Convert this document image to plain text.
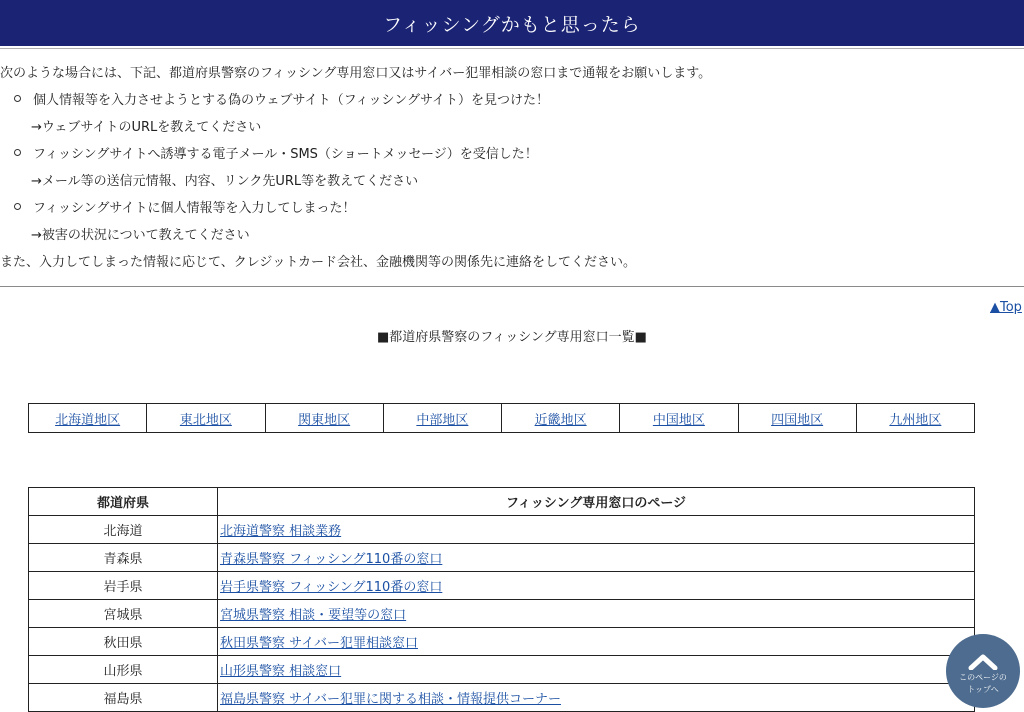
フィッシングかもと思ったら
次のような場合には、下記、都道府県警察のフィッシング専用窓口又はサイバー犯罪相談の窓口まで通報をお願いします。
個人情報等を入力させようとする偽のウェブサイト（フィッシングサイト）を見つけた！
→ウェブサイトのURLを教えてください
フィッシングサイトへ誘導する電子メール・SMS（ショートメッセージ）を受信した！
→メール等の送信元情報、内容、リンク先URL等を教えてください
フィッシングサイトに個人情報等を入力してしまった！
→被害の状況について教えてください
また、入力してしまった情報に応じて、クレジットカード会社、金融機関等の関係先に連絡をしてください。
▲Top
■都道府県警察のフィッシング専用窓口一覧■
北海道地区	東北地区	関東地区	中部地区	近畿地区	中国地区	四国地区	九州地区
都道府県	フィッシング専用窓口のページ
北海道	北海道警察 相談業務
青森県	青森県警察 フィッシング110番の窓口
岩手県	岩手県警察 フィッシング110番の窓口
宮城県	宮城県警察 相談・要望等の窓口
秋田県	秋田県警察 サイバー犯罪相談窓口
山形県	山形県警察 相談窓口
福島県	福島県警察 サイバー犯罪に関する相談・情報提供コーナー
このページの
トップへ
